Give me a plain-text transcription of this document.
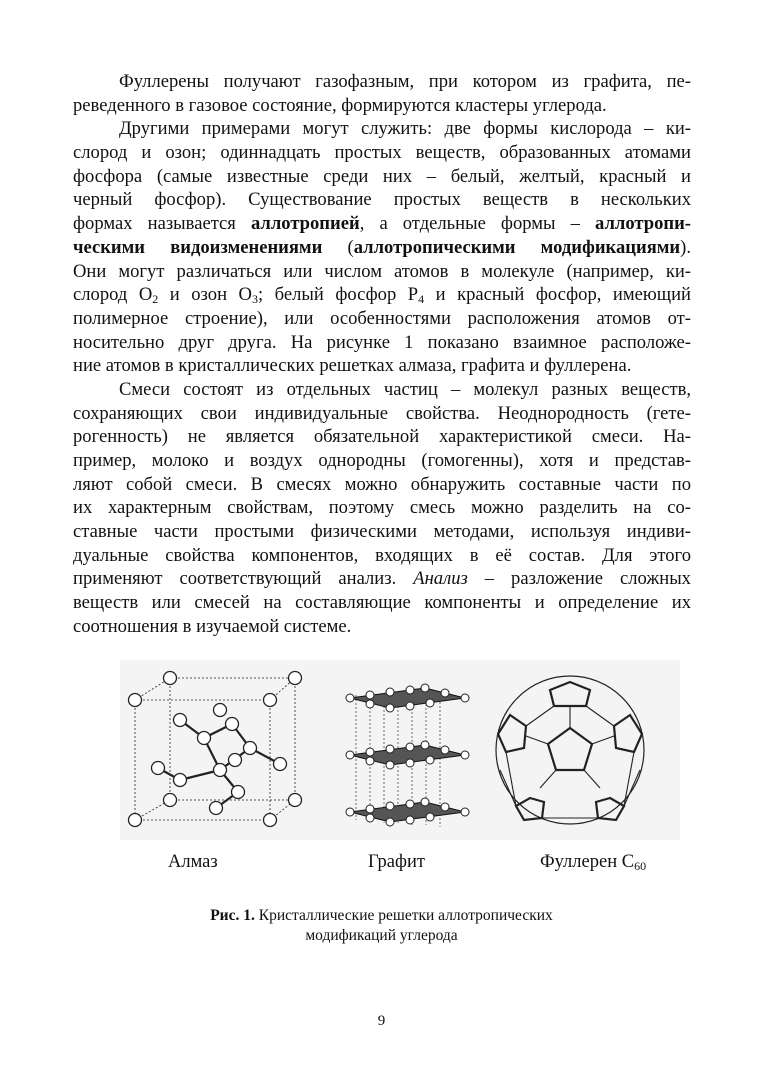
Фуллерены получают газофазным, при котором из графита, пе-
реведенного в газовое состояние, формируются кластеры углерода.
Другими примерами могут служить: две формы кислорода – ки-
слород и озон; одиннадцать простых веществ, образованных атомами
фосфора (самые известные среди них – белый, желтый, красный и
черный фосфор). Существование простых веществ в нескольких
формах называется аллотропией, а отдельные формы – аллотропи-
ческими видоизменениями (аллотропическими модификациями).
Они могут различаться или числом атомов в молекуле (например, ки-
слород $O_2$ и озон $O_3$; белый фосфор $P_4$ и красный фосфор, имеющий
полимерное строение), или особенностями расположения атомов от-
носительно друг друга. На рисунке 1 показано взаимное расположе-
ние атомов в кристаллических решетках алмаза, графита и фуллерена.
Смеси состоят из отдельных частиц – молекул разных веществ,
сохраняющих свои индивидуальные свойства. Неоднородность (гете-
рогенность) не является обязательной характеристикой смеси. На-
пример, молоко и воздух однородны (гомогенны), хотя и представ-
ляют собой смеси. В смесях можно обнаружить составные части по
их характерным свойствам, поэтому смесь можно разделить на со-
ставные части простыми физическими методами, используя индиви-
дуальные свойства компонентов, входящих в её состав. Для этого
применяют соответствующий анализ. Анализ – разложение сложных
веществ или смесей на составляющие компоненты и определение их
соотношения в изучаемой системе.
Алмаз	Графит	Фуллерен $С_{60}$
Рис. 1. Кристаллические решетки аллотропических
модификаций углерода
9
